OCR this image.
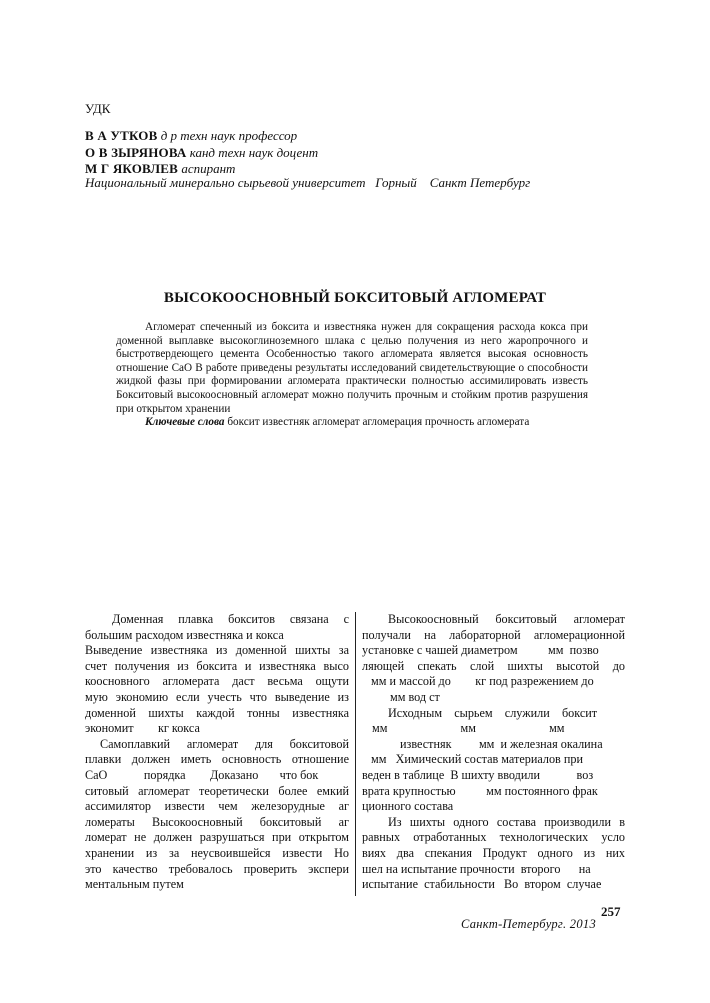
УДК
В А УТКОВ д р техн наук профессор
О В ЗЫРЯНОВА канд техн наук доцент
М Г ЯКОВЛЕВ аспирант
Национальный минерально сырьевой университет   Горный    Санкт Петербург
ВЫСОКООСНОВНЫЙ БОКСИТОВЫЙ АГЛОМЕРАТ

Агломерат спеченный из боксита и известняка нужен для сокращения расхода кокса при доменной выплавке высокоглиноземного шлака с целью получения из него жаропрочного и быстротвердеющего цемента Особенностью такого агломерата является высокая основность отношение CaO В работе приведены результаты исследований свидетельствующие о способности жидкой фазы при формировании агломерата практически полностью ассимилировать известь Бокситовый высокоосновный агломерат можно получить прочным и стойким против разрушения при открытом хранении

Ключевые слова боксит известняк агломерат агломерация прочность агломерата
Доменная плавка бокситов связана с
большим расходом известняка и кокса
Выведение известняка из доменной шихты за
счет получения из боксита и известняка высо
кооcновного агломерата даст весьма ощути
мую экономию если учесть что выведение из
доменной шихты каждой тонны известняка
экономит        кг кокса
Самоплавкий агломерат для бокситовой
плавки должен иметь основность отношение
CaO            порядка        Доказано       что бок
ситовый агломерат теоретически более емкий
ассимилятор извести чем железорудные аг
ломераты Высокоосновный бокситовый аг
ломерат не должен разрушаться при открытом
хранении из за неусвоившейся извести Но
это качество требовалось проверить экспери
ментальным путем
Высокоосновный бокситовый агломерат
получали на лабораторной агломерационной
установке с чашей диаметром          мм  позво
ляющей спекать слой шихты высотой до
мм и массой до        кг под разрежением до
мм вод ст
Исходным    сырьем    служили    боксит
мм                        мм                        мм
известняк         мм  и железная окалина
мм   Химический состав материалов при
веден в таблице  В шихту вводили            воз
врата крупностью          мм постоянного фрак
ционного состава
Из шихты одного состава производили в
равных отработанных технологических усло
виях два спекания Продукт одного из них
шел на испытание прочности  второго      на
испытание  стабильности   Во  втором  случае
257
Санкт-Петербург. 2013
